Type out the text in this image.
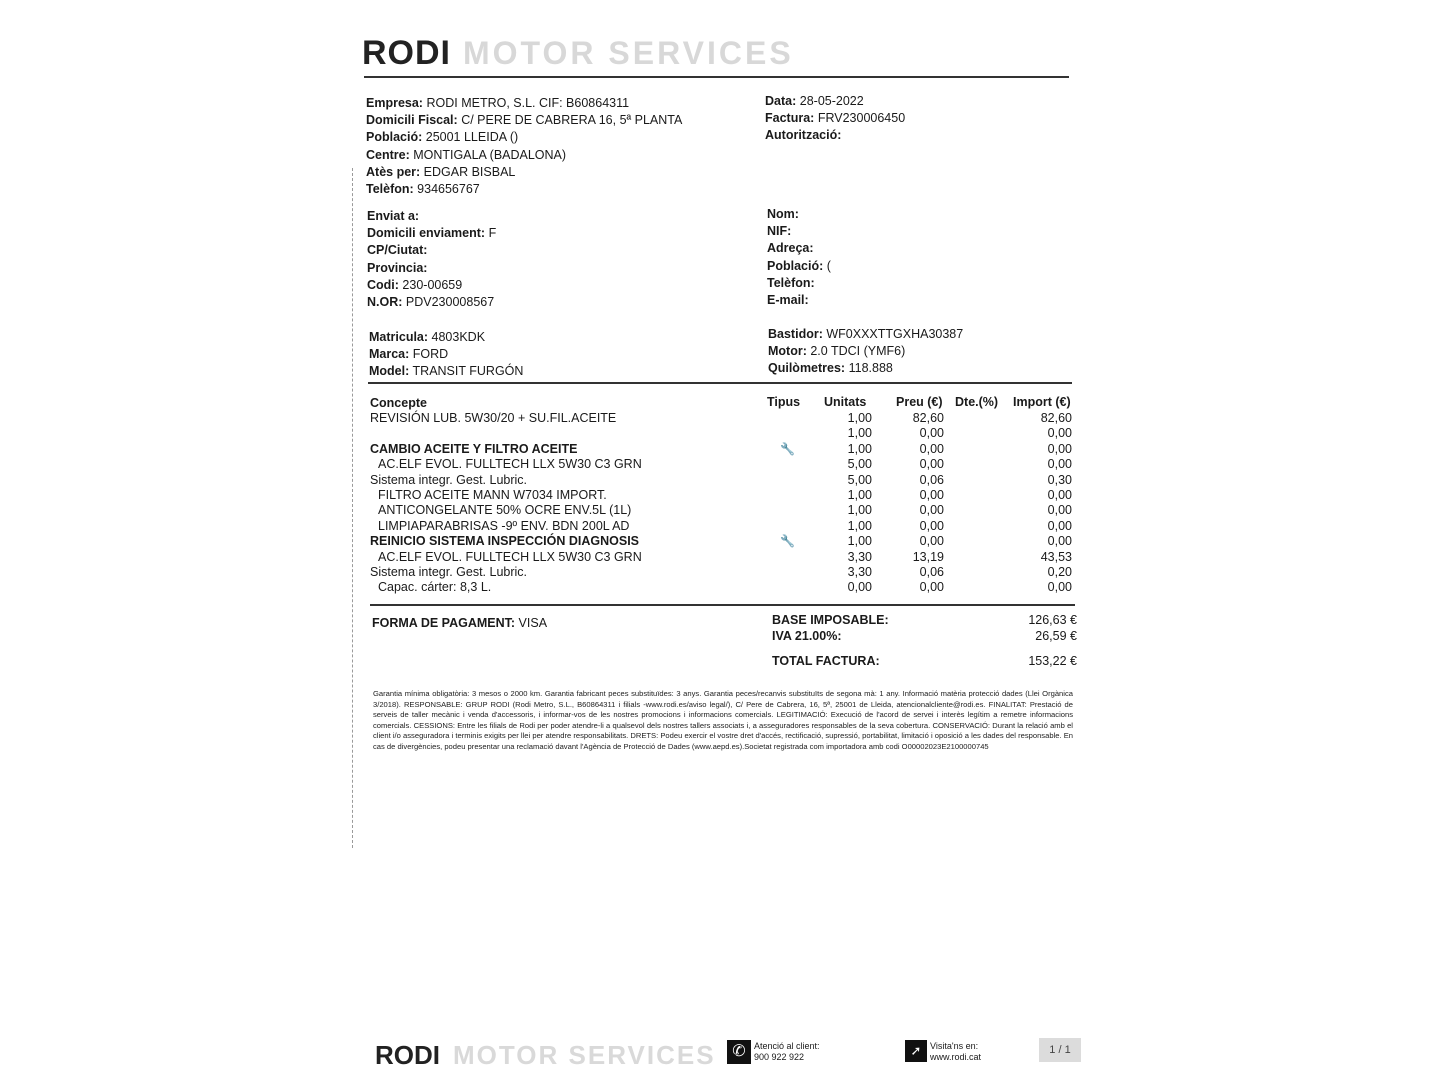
RODI MOTOR SERVICES
Empresa: RODI METRO, S.L. CIF: B60864311
Domicili Fiscal: C/ PERE DE CABRERA 16, 5ª PLANTA
Població: 25001 LLEIDA ()
Centre: MONTIGALA (BADALONA)
Atès per: EDGAR BISBAL
Telèfon: 934656767
Data: 28-05-2022
Factura: FRV230006450
Autorització:
Enviat a:
Domicili enviament: F
CP/Ciutat:
Provincia:
Codi: 230-00659
N.OR: PDV230008567
Nom:
NIF:
Adreça:
Població: (
Telèfon:
E-mail:
Matricula: 4803KDK
Marca: FORD
Model: TRANSIT FURGÓN
Bastidor: WF0XXXTTGXHA30387
Motor: 2.0 TDCI (YMF6)
Quilòmetres: 118.888
Concepte	Tipus Unitats Preu (€) Dte.(%) Import (€)
REVISIÓN LUB. 5W30/20 + SU.FIL.ACEITE	1,00	82,60	82,60
1,00	0,00	0,00
CAMBIO ACEITE Y FILTRO ACEITE	🔧	1,00	0,00	0,00
AC.ELF EVOL. FULLTECH LLX 5W30 C3 GRN	5,00	0,00	0,00
Sistema integr. Gest. Lubric.	5,00	0,06	0,30
FILTRO ACEITE MANN W7034 IMPORT.	1,00	0,00	0,00
ANTICONGELANTE 50% OCRE ENV.5L (1L)	1,00	0,00	0,00
LIMPIAPARABRISAS -9º ENV. BDN 200L AD	1,00	0,00	0,00
REINICIO SISTEMA INSPECCIÓN DIAGNOSIS	🔧	1,00	0,00	0,00
AC.ELF EVOL. FULLTECH LLX 5W30 C3 GRN	3,30	13,19	43,53
Sistema integr. Gest. Lubric.	3,30	0,06	0,20
Capac. cárter: 8,3 L.	0,00	0,00	0,00
FORMA DE PAGAMENT: VISA	BASE IMPOSABLE:	126,63 €
IVA 21.00%:	26,59 €
TOTAL FACTURA:	153,22 €
Garantia mínima obligatòria: 3 mesos o 2000 km. Garantia fabricant peces substituïdes: 3 anys. Garantia peces/recanvis substituïts de segona mà: 1 any. Informació matèria protecció dades (Llei Orgànica 3/2018). RESPONSABLE: GRUP RODI (Rodi Metro, S.L., B60864311 i filials -www.rodi.es/aviso legal/), C/ Pere de Cabrera, 16, 5ª, 25001 de Lleida, atencionalcliente@rodi.es. FINALITAT: Prestació de serveis de taller mecànic i venda d'accessoris, i informar-vos de les nostres promocions i informacions comercials. LEGITIMACIÓ: Execució de l'acord de servei i interès legítim a remetre informacions comercials. CESSIONS: Entre les filials de Rodi per poder atendre-li a qualsevol dels nostres tallers associats i, a asseguradores responsables de la seva cobertura. CONSERVACIÓ: Durant la relació amb el client i/o asseguradora i terminis exigits per llei per atendre responsabilitats. DRETS: Podeu exercir el vostre dret d'accés, rectificació, supressió, portabilitat, limitació i oposició a les dades del responsable. En cas de divergències, podeu presentar una reclamació davant l'Agència de Protecció de Dades (www.aepd.es).Societat registrada com importadora amb codi O00002023E2100000745
RODI MOTOR SERVICES	✆ Atenció al client:
900 922 922	➚ Visita'ns en:
www.rodi.cat
1 / 1
